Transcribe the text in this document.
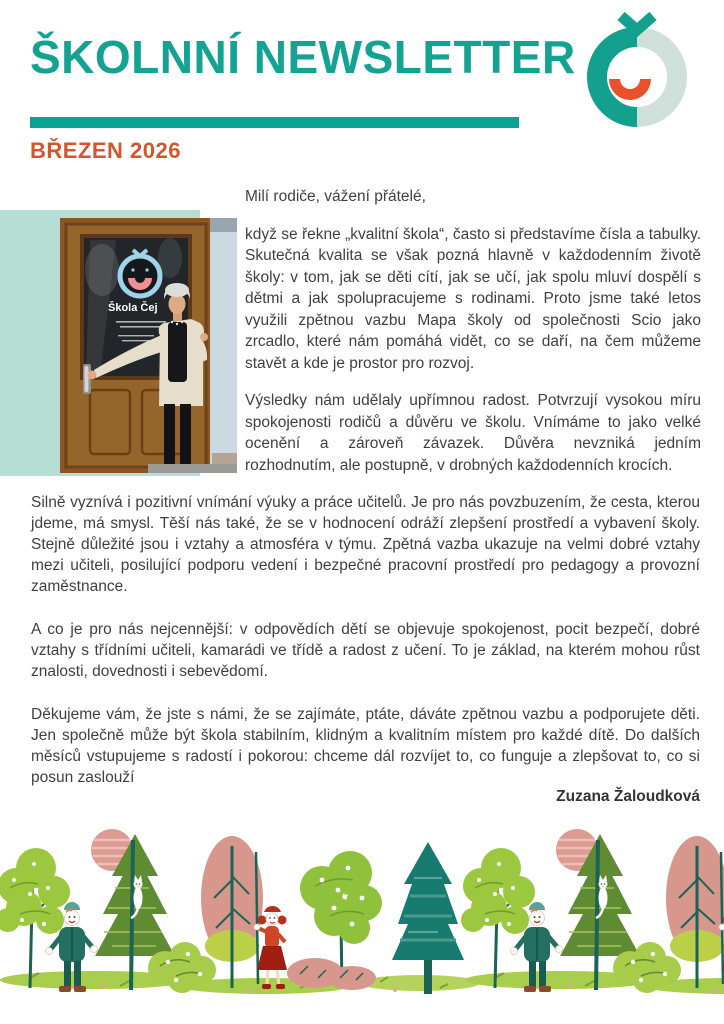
ŠKOLNNÍ NEWSLETTER

BŘEZEN 2026

Škola Čej

Milí rodiče, vážení přátelé,

když se řekne „kvalitní škola“, často si představíme čísla a tabulky. Skutečná kvalita se však pozná hlavně v každodenním životě školy: v tom, jak se děti cítí, jak se učí, jak spolu mluví dospělí s dětmi a jak spolupracujeme s rodinami. Proto jsme také letos využili zpětnou vazbu Mapa školy od společnosti Scio jako zrcadlo, které nám pomáhá vidět, co se daří, na čem můžeme stavět a kde je prostor pro rozvoj.

Výsledky nám udělaly upřímnou radost. Potvrzují vysokou míru spokojenosti rodičů a důvěru ve školu. Vnímáme to jako velké ocenění a zároveň závazek. Důvěra nevzniká jedním rozhodnutím, ale postupně, v drobných každodenních krocích.

Silně vyznívá i pozitivní vnímání výuky a práce učitelů. Je pro nás povzbuzením, že cesta, kterou jdeme, má smysl. Těší nás také, že se v hodnocení odráží zlepšení prostředí a vybavení školy. Stejně důležité jsou i vztahy a atmosféra v týmu. Zpětná vazba ukazuje na velmi dobré vztahy mezi učiteli, posilující podporu vedení i bezpečné pracovní prostředí pro pedagogy a provozní zaměstnance.

A co je pro nás nejcennější: v odpovědích dětí se objevuje spokojenost, pocit bezpečí, dobré vztahy s třídními učiteli, kamarádi ve třídě a radost z učení. To je základ, na kterém mohou růst znalosti, dovednosti i sebevědomí.

Děkujeme vám, že jste s námi, že se zajímáte, ptáte, dáváte zpětnou vazbu a podporujete děti. Jen společně může být škola stabilním, klidným a kvalitním místem pro každé dítě. Do dalších měsíců vstupujeme s radostí i pokorou: chceme dál rozvíjet to, co funguje a zlepšovat to, co si posun zaslouží

Zuzana Žaloudková
